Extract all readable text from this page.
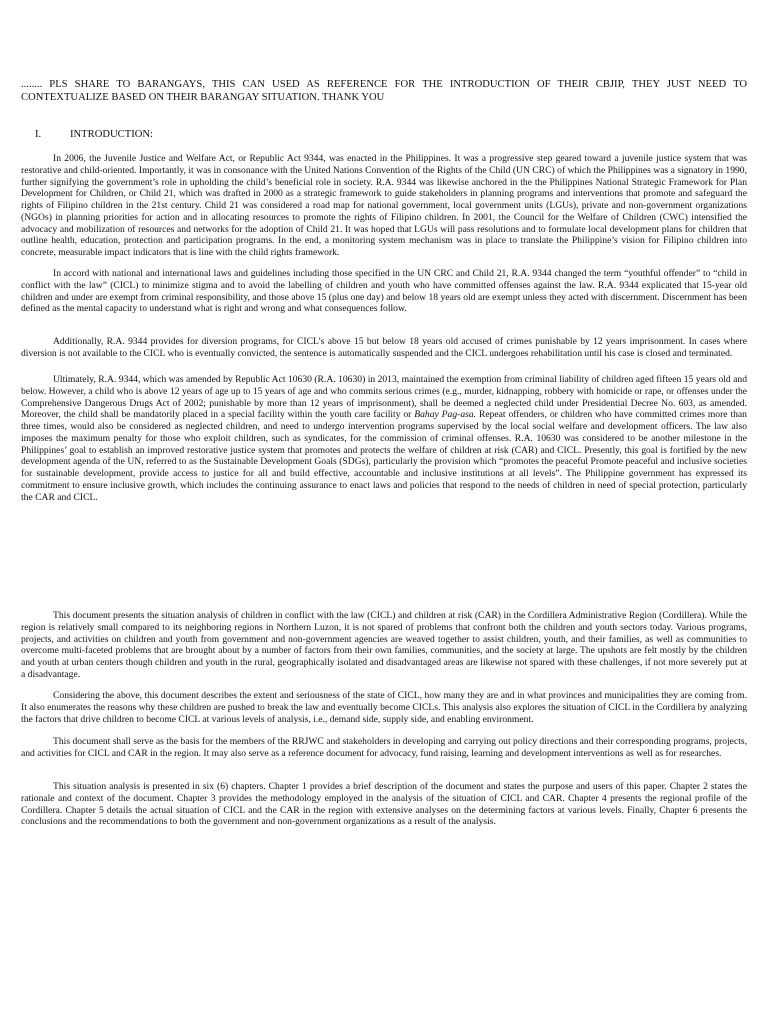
........ PLS SHARE TO BARANGAYS, THIS CAN USED AS REFERENCE FOR THE INTRODUCTION OF THEIR CBJIP, THEY JUST NEED TO CONTEXTUALIZE BASED ON THEIR BARANGAY SITUATION. THANK YOU

I.	INTRODUCTION:

In 2006, the Juvenile Justice and Welfare Act, or Republic Act 9344, was enacted in the Philippines. It was a progressive step geared toward a juvenile justice system that was restorative and child-oriented. Importantly, it was in consonance with the United Nations Convention of the Rights of the Child (UN CRC) of which the Philippines was a signatory in 1990, further signifying the government’s role in upholding the child’s beneficial role in society. R.A. 9344 was likewise anchored in the the Philippines National Strategic Framework for Plan Development for Children, or Child 21, which was drafted in 2000 as a strategic framework to guide stakeholders in planning programs and interventions that promote and safeguard the rights of Filipino children in the 21st century. Child 21 was considered a road map for national government, local government units (LGUs), private and non-government organizations (NGOs) in planning priorities for action and in allocating resources to promote the rights of Filipino children. In 2001, the Council for the Welfare of Children (CWC) intensified the advocacy and mobilization of resources and networks for the adoption of Child 21. It was hoped that LGUs will pass resolutions and to formulate local development plans for children that outline health, education, protection and participation programs. In the end, a monitoring system mechanism was in place to translate the Philippine’s vision for Filipino children into concrete, measurable impact indicators that is line with the child rights framework.

In accord with national and international laws and guidelines including those specified in the UN CRC and Child 21, R.A. 9344 changed the term “youthful offender” to “child in conflict with the law” (CICL) to minimize stigma and to avoid the labelling of children and youth who have committed offenses against the law. R.A. 9344 explicated that 15-year old children and under are exempt from criminal responsibility, and those above 15 (plus one day) and below 18 years old are exempt unless they acted with discernment. Discernment has been defined as the mental capacity to understand what is right and wrong and what consequences follow.

Additionally, R.A. 9344 provides for diversion programs, for CICL’s above 15 but below 18 years old accused of crimes punishable by 12 years imprisonment. In cases where diversion is not available to the CICL who is eventually convicted, the sentence is automatically suspended and the CICL undergoes rehabilitation until his case is closed and terminated.

Ultimately, R.A. 9344, which was amended by Republic Act 10630 (R.A. 10630) in 2013, maintained the exemption from criminal liability of children aged fifteen 15 years old and below. However, a child who is above 12 years of age up to 15 years of age and who commits serious crimes (e.g., murder, kidnapping, robbery with homicide or rape, or offenses under the Comprehensive Dangerous Drugs Act of 2002; punishable by more than 12 years of imprisonment), shall be deemed a neglected child under Presidential Decree No. 603, as amended. Moreover, the child shall be mandatorily placed in a special facility within the youth care facility or Bahay Pag-asa. Repeat offenders, or children who have committed crimes more than three times, would also be considered as neglected children, and need to undergo intervention programs supervised by the local social welfare and development officers. The law also imposes the maximum penalty for those who exploit children, such as syndicates, for the commission of criminal offenses. R.A. 10630 was considered to be another milestone in the Philippines’ goal to establish an improved restorative justice system that promotes and protects the welfare of children at risk (CAR) and CICL. Presently, this goal is fortified by the new development agenda of the UN, referred to as the Sustainable Development Goals (SDGs), particularly the provision which “promotes the peaceful Promote peaceful and inclusive societies for sustainable development, provide access to justice for all and build effective, accountable and inclusive institutions at all levels”. The Philippine government has expressed its commitment to ensure inclusive growth, which includes the continuing assurance to enact laws and policies that respond to the needs of children in need of special protection, particularly the CAR and CICL.

This document presents the situation analysis of children in conflict with the law (CICL) and children at risk (CAR) in the Cordillera Administrative Region (Cordillera). While the region is relatively small compared to its neighboring regions in Northern Luzon, it is not spared of problems that confront both the children and youth sectors today. Various programs, projects, and activities on children and youth from government and non-government agencies are weaved together to assist children, youth, and their families, as well as communities to overcome multi-faceted problems that are brought about by a number of factors from their own families, communities, and the society at large. The upshots are felt mostly by the children and youth at urban centers though children and youth in the rural, geographically isolated and disadvantaged areas are likewise not spared with these challenges, if not more severely put at a disadvantage.

Considering the above, this document describes the extent and seriousness of the state of CICL, how many they are and in what provinces and municipalities they are coming from. It also enumerates the reasons why these children are pushed to break the law and eventually become CICLs. This analysis also explores the situation of CICL in the Cordillera by analyzing the factors that drive children to become CICL at various levels of analysis, i.e., demand side, supply side, and enabling environment.

This document shall serve as the basis for the members of the RRJWC and stakeholders in developing and carrying out policy directions and their corresponding programs, projects, and activities for CICL and CAR in the region. It may also serve as a reference document for advocacy, fund raising, learning and development interventions as well as for researches.

This situation analysis is presented in six (6) chapters. Chapter 1 provides a brief description of the document and states the purpose and users of this paper. Chapter 2 states the rationale and context of the document. Chapter 3 provides the methodology employed in the analysis of the situation of CICL and CAR. Chapter 4 presents the regional profile of the Cordillera. Chapter 5 details the actual situation of CICL and the CAR in the region with extensive analyses on the determining factors at various levels. Finally, Chapter 6 presents the conclusions and the recommendations to both the government and non-government organizations as a result of the analysis.
